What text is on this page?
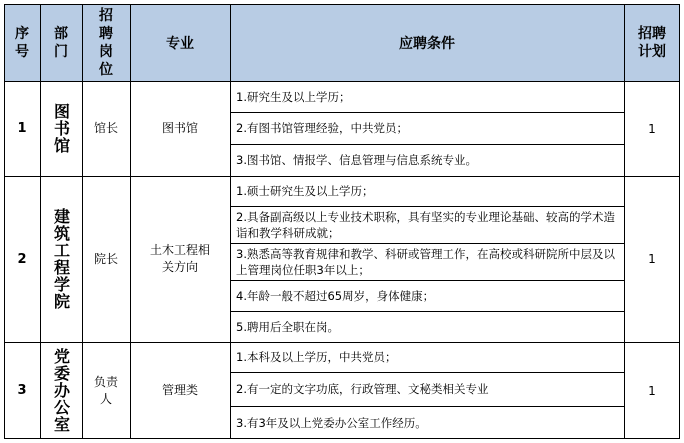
序
号
部
门
招
聘
岗
位
专业	应聘条件
招聘
计划
1 图书馆 馆长	图书馆
1.研究生及以上学历；
2.有图书馆管理经验，中共党员；
3.图书馆、情报学、信息管理与信息系统专业。
1
2 建筑工程学院 院长
土木工程相关方向
1.硕士研究生及以上学历；
2.具备副高级以上专业技术职称，具有坚实的专业理论基础、较高的学术造诣和教学科研成就；
3.熟悉高等教育规律和教学、科研或管理工作，在高校或科研院所中层及以上管理岗位任职3年以上；
4.年龄一般不超过65周岁，身体健康；
5.聘用后全职在岗。
1
3 党委办公室 负责人
管理类
1.本科及以上学历，中共党员；
2.有一定的文字功底，行政管理、文秘类相关专业
3.有3年及以上党委办公室工作经历。
1
